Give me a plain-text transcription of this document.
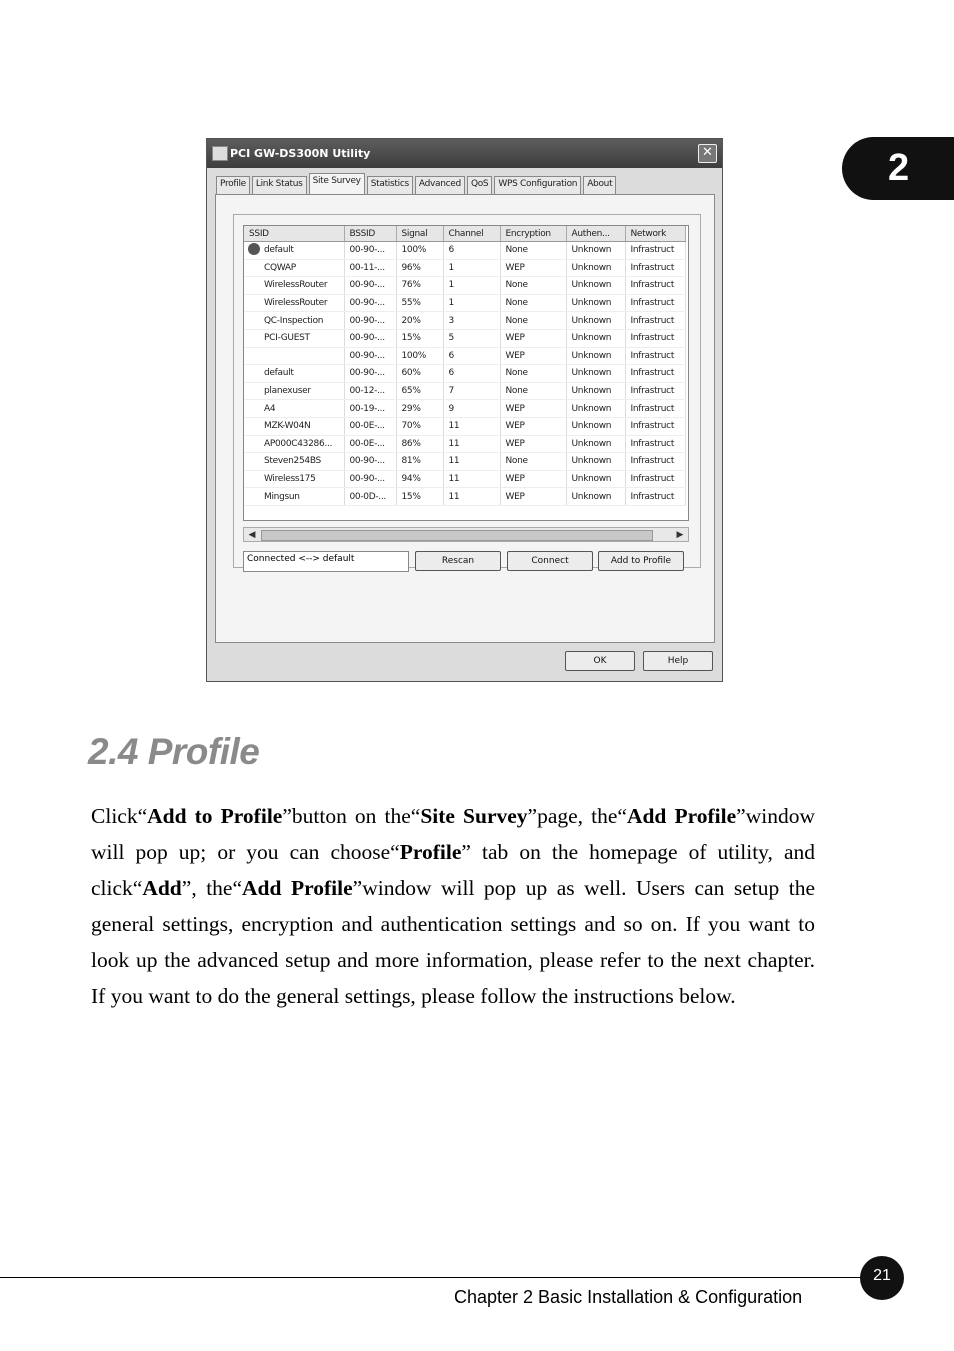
2
PCI GW-DS300N Utility	✕
Profile	Link Status	Site Survey	Statistics	Advanced	QoS	WPS Configuration	About
SSID	BSSID	Signal	Channel	Encryption	Authen...	Network

default	00-90-...	100%	6	None	Unknown	Infrastruct
CQWAP	00-11-...	96%	1	WEP	Unknown	Infrastruct
WirelessRouter	00-90-...	76%	1	None	Unknown	Infrastruct
WirelessRouter	00-90-...	55%	1	None	Unknown	Infrastruct
QC-Inspection	00-90-...	20%	3	None	Unknown	Infrastruct
PCI-GUEST	00-90-...	15%	5	WEP	Unknown	Infrastruct
	00-90-...	100%	6	WEP	Unknown	Infrastruct
default	00-90-...	60%	6	None	Unknown	Infrastruct
planexuser	00-12-...	65%	7	None	Unknown	Infrastruct
A4	00-19-...	29%	9	WEP	Unknown	Infrastruct
MZK-W04N	00-0E-...	70%	11	WEP	Unknown	Infrastruct
AP000C43286...	00-0E-...	86%	11	WEP	Unknown	Infrastruct
Steven254BS	00-90-...	81%	11	None	Unknown	Infrastruct
Wireless175	00-90-...	94%	11	WEP	Unknown	Infrastruct
Mingsun	00-0D-...	15%	11	WEP	Unknown	Infrastruct
◀	▶
Connected <--> default	Rescan	Connect	Add to Profile
OK	Help
2.4 Profile
Click“Add to Profile”button on the“Site Survey”page, the“Add Profile”window will pop up; or you can choose“Profile” tab on the homepage of utility, and click“Add”, the“Add Profile”window will pop up as well. Users can setup the general settings, encryption and authentication settings and so on. If you want to look up the advanced setup and more information, please refer to the next chapter. If you want to do the general settings, please follow the instructions below.
Chapter 2 Basic Installation & Configuration
21
